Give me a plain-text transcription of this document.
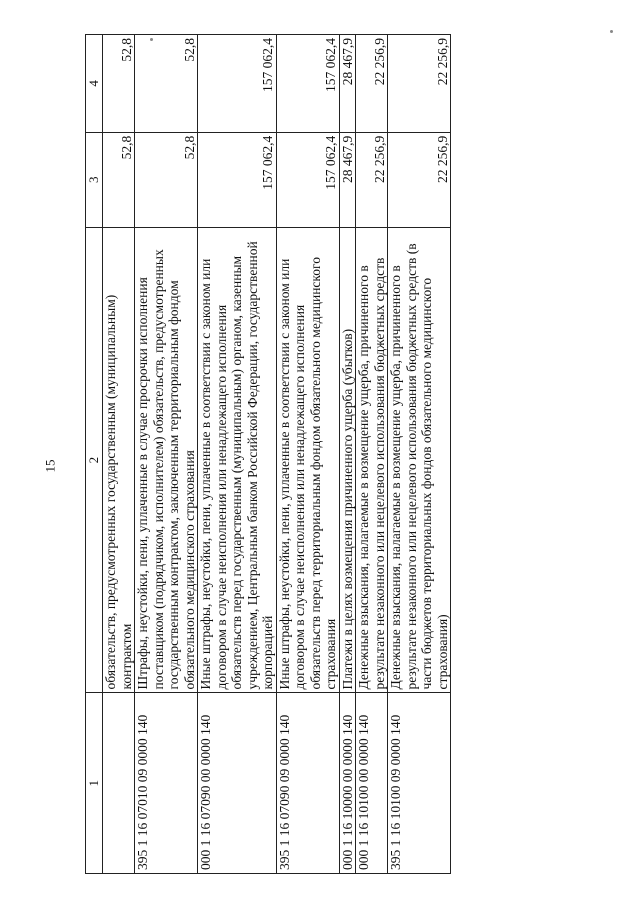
15
1	2	3	4
	обязательств, предусмотренных государственным (муниципальным) контрактом	52,8	52,8
395 1 16 07010 09 0000 140	Штрафы, неустойки, пени, уплаченные в случае просрочки исполнения поставщиком (подрядчиком, исполнителем) обязательств, предусмотренных государственным контрактом, заключенным территориальным фондом обязательного медицинского страхования	52,8	52,8
000 1 16 07090 00 0000 140	Иные штрафы, неустойки, пени, уплаченные в соответствии с законом или договором в случае неисполнения или ненадлежащего исполнения обязательств перед государственным (муниципальным) органом, казенным учреждением, Центральным банком Российской Федерации, государственной корпорацией	157 062,4	157 062,4
395 1 16 07090 09 0000 140	Иные штрафы, неустойки, пени, уплаченные в соответствии с законом или договором в случае неисполнения или ненадлежащего исполнения обязательств перед территориальным фондом обязательного медицинского страхования	157 062,4	157 062,4
000 1 16 10000 00 0000 140	Платежи в целях возмещения причиненного ущерба (убытков)	28 467,9	28 467,9
000 1 16 10100 00 0000 140	Денежные взыскания, налагаемые в возмещение ущерба, причиненного в результате незаконного или нецелевого использования бюджетных средств	22 256,9	22 256,9
395 1 16 10100 09 0000 140	Денежные взыскания, налагаемые в возмещение ущерба, причиненного в результате незаконного или нецелевого использования бюджетных средств (в части бюджетов территориальных фондов обязательного медицинского страхования)	22 256,9	22 256,9
